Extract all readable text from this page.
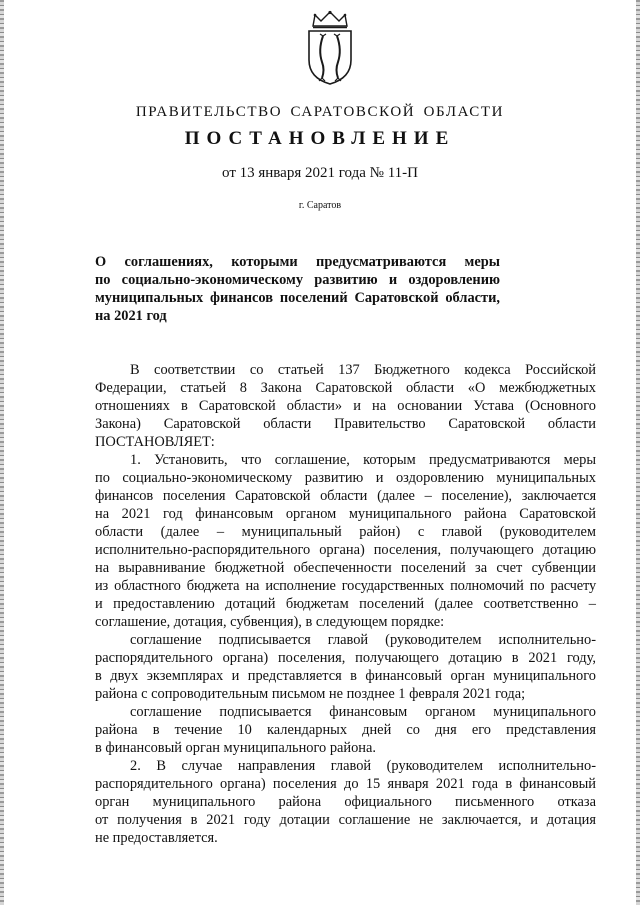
ПРАВИТЕЛЬСТВО САРАТОВСКОЙ ОБЛАСТИ
ПОСТАНОВЛЕНИЕ
от 13 января 2021 года № 11-П
г. Саратов
О соглашениях, которыми предусматриваются меры
по социально-экономическому развитию и оздоровлению
муниципальных финансов поселений Саратовской области,
на 2021 год
В соответствии со статьей 137 Бюджетного кодекса Российской
Федерации, статьей 8 Закона Саратовской области «О межбюджетных
отношениях в Саратовской области» и на основании Устава (Основного
Закона) Саратовской области Правительство Саратовской области
ПОСТАНОВЛЯЕТ:
1. Установить, что соглашение, которым предусматриваются меры
по социально-экономическому развитию и оздоровлению муниципальных
финансов поселения Саратовской области (далее – поселение), заключается
на 2021 год финансовым органом муниципального района Саратовской
области (далее – муниципальный район) с главой (руководителем
исполнительно-распорядительного органа) поселения, получающего дотацию
на выравнивание бюджетной обеспеченности поселений за счет субвенции
из областного бюджета на исполнение государственных полномочий по расчету
и предоставлению дотаций бюджетам поселений (далее соответственно –
соглашение, дотация, субвенция), в следующем порядке:
соглашение подписывается главой (руководителем исполнительно-
распорядительного органа) поселения, получающего дотацию в 2021 году,
в двух экземплярах и представляется в финансовый орган муниципального
района с сопроводительным письмом не позднее 1 февраля 2021 года;
соглашение подписывается финансовым органом муниципального
района в течение 10 календарных дней со дня его представления
в финансовый орган муниципального района.
2. В случае направления главой (руководителем исполнительно-
распорядительного органа) поселения до 15 января 2021 года в финансовый
орган муниципального района официального письменного отказа
от получения в 2021 году дотации соглашение не заключается, и дотация
не предоставляется.
